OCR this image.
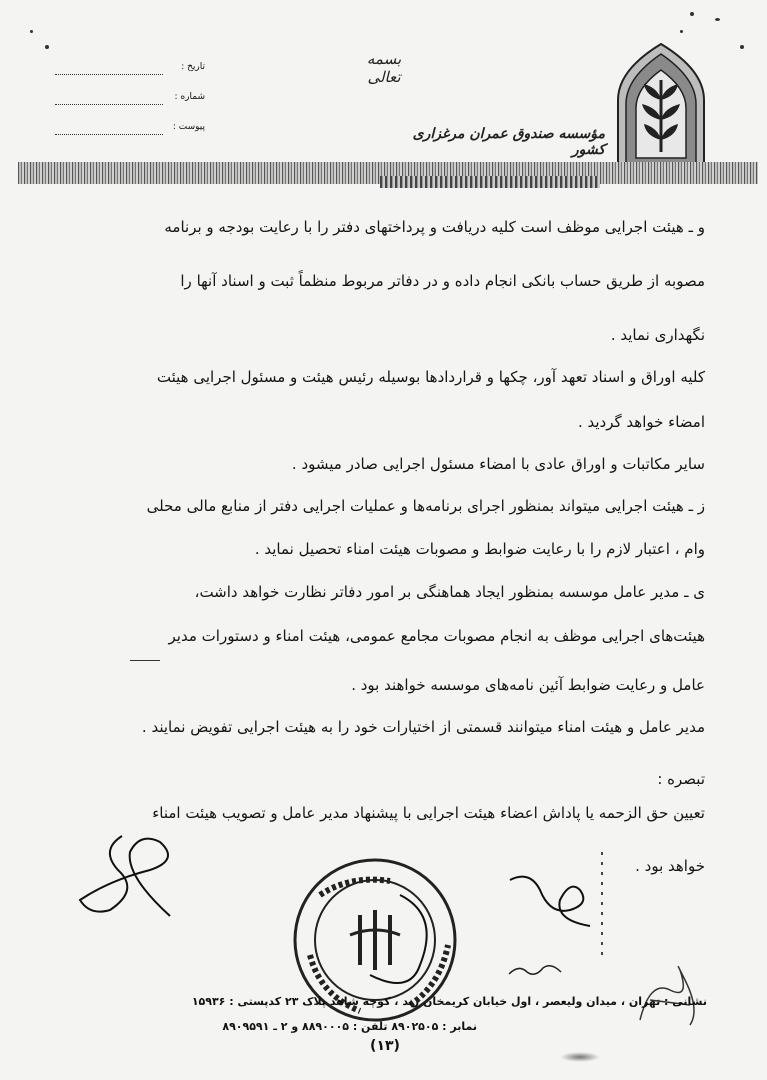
بسمه تعالی
مؤسسه صندوق عمران مرغزاری کشور
تاریخ :
شماره :
پیوست :
و ـ هیئت اجرایی موظف است کلیه دریافت و پرداختهای دفتر را با رعایت بودجه و برنامه
مصوبه از طریق حساب بانکی انجام داده و در دفاتر مربوط منظماً ثبت و اسناد آنها را
نگهداری نماید .
کلیه اوراق و اسناد تعهد آور، چکها و قراردادها بوسیله رئیس هیئت و مسئول اجرایی هیئت
امضاء خواهد گردید .
سایر مکاتبات و اوراق عادی با امضاء مسئول اجرایی صادر میشود .
ز ـ هیئت اجرایی میتواند بمنظور اجرای برنامه‌ها و عملیات اجرایی دفتر از منابع مالی محلی
وام ، اعتبار لازم را با رعایت ضوابط و مصوبات هیئت امناء تحصیل نماید .
ی ـ مدیر عامل موسسه بمنظور ایجاد هماهنگی بر امور دفاتر نظارت خواهد داشت،
هیئت‌های اجرایی موظف به انجام مصوبات مجامع عمومی، هیئت امناء و دستورات مدیر
عامل و رعایت ضوابط آئین نامه‌های موسسه خواهند بود .
مدیر عامل و هیئت امناء میتوانند قسمتی از اختیارات خود را به هیئت اجرایی تفویض نمایند .
تبصره :
تعیین حق الزحمه یا پاداش اعضاء هیئت اجرایی با پیشنهاد مدیر عامل و تصویب هیئت امناء
خواهد بود .
نشانی : تهران ، میدان ولیعصر ، اول خیابان کریمخان زند ، کوچه شاهد پلاک ۲۳ کدپستی : ۱۵۹۳۶
نمابر : ۸۹۰۲۵۰۵ تلفن : ۸۸۹۰۰۰۵ و ۲ ـ ۸۹۰۹۵۹۱
(۱۳)
